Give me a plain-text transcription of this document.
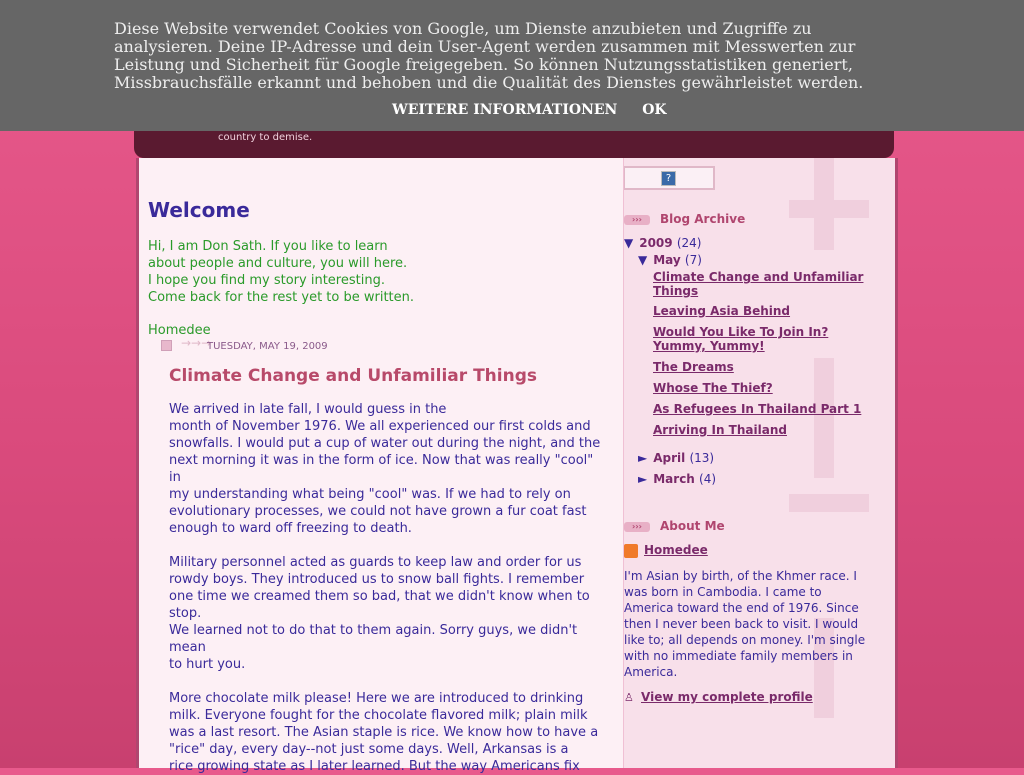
country to demise.
Welcome
Hi, I am Don Sath. If you like to learn
about people and culture, you will here.
I hope you find my story interesting.
Come back for the rest yet to be written.
Homedee
→→→
TUESDAY, MAY 19, 2009
Climate Change and Unfamiliar Things
We arrived in late fall, I would guess in the
month of November 1976. We all experienced our first colds and
snowfalls. I would put a cup of water out during the night, and the
next morning it was in the form of ice. Now that was really "cool"
in
my understanding what being "cool" was. If we had to rely on
evolutionary processes, we could not have grown a fur coat fast
enough to ward off freezing to death.

Military personnel acted as guards to keep law and order for us
rowdy boys. They introduced us to snow ball fights. I remember
one time we creamed them so bad, that we didn't know when to
stop.
We learned not to do that to them again. Sorry guys, we didn't
mean
to hurt you.

More chocolate milk please! Here we are introduced to drinking
milk. Everyone fought for the chocolate flavored milk; plain milk
was a last resort. The Asian staple is rice. We know how to have a
"rice" day, every day--not just some days. Well, Arkansas is a
rice growing state as I later learned. But the way Americans fix
?
››› Blog Archive
▼ 2009 (24)
▼ May (7)
Climate Change and Unfamiliar Things
Leaving Asia Behind
Would You Like To Join In? Yummy, Yummy!
The Dreams
Whose The Thief?
As Refugees In Thailand Part 1
Arriving In Thailand
► April (13)
► March (4)
››› About Me
Homedee
I'm Asian by birth, of the Khmer race. I was born in Cambodia. I came to America toward the end of 1976. Since then I never been back to visit. I would like to; all depends on money. I'm single with no immediate family members in America.
♙ View my complete profile
Diese Website verwendet Cookies von Google, um Dienste anzubieten und Zugriffe zu analysieren. Deine IP-Adresse und dein User-Agent werden zusammen mit Messwerten zur Leistung und Sicherheit für Google freigegeben. So können Nutzungsstatistiken generiert, Missbrauchsfälle erkannt und behoben und die Qualität des Dienstes gewährleistet werden.
WEITERE INFORMATIONEN OK
